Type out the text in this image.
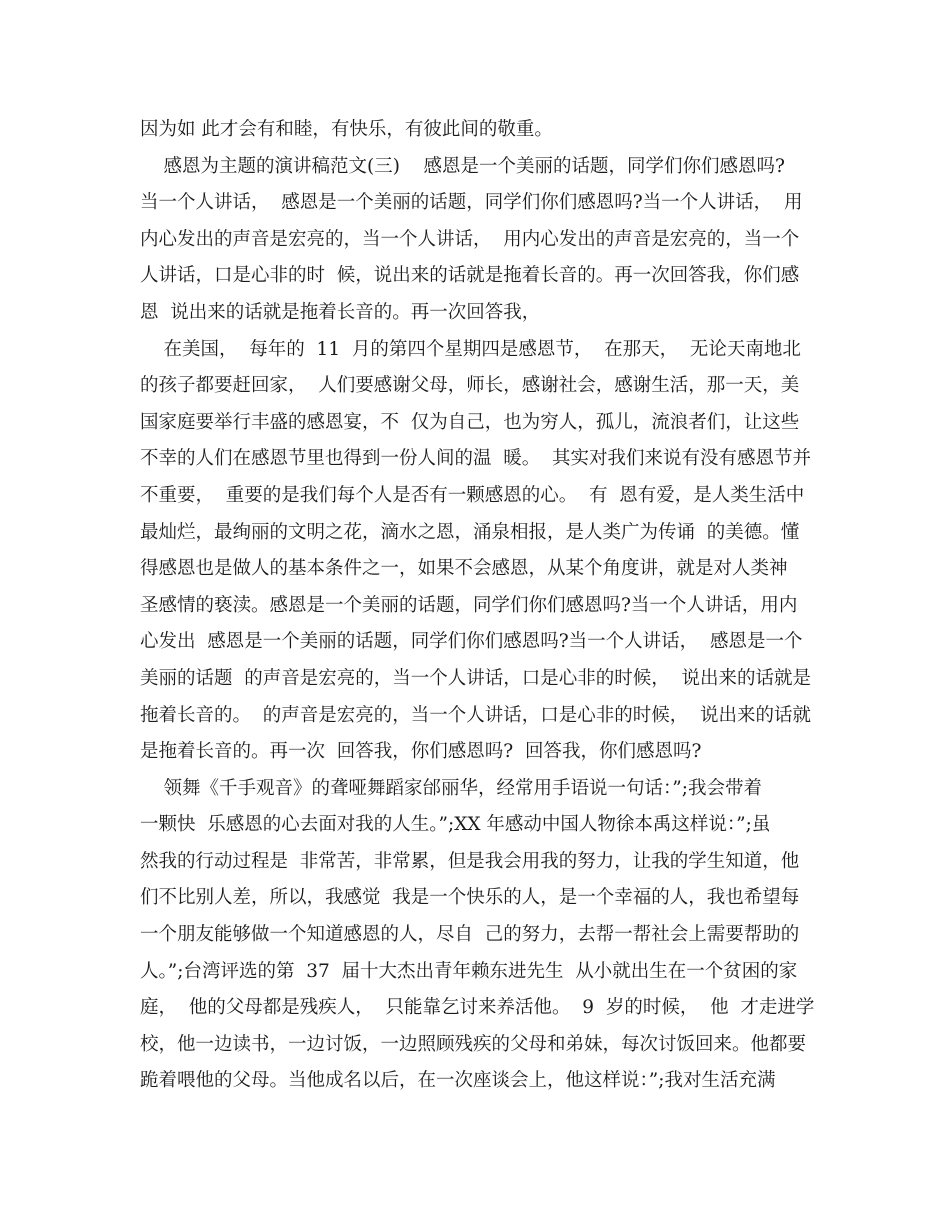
因为如 此才会有和睦，有快乐，有彼此间的敬重。
感恩为主题的演讲稿范文(三)    感恩是一个美丽的话题，同学们你们感恩吗?
当一个人讲话，  感恩是一个美丽的话题，同学们你们感恩吗?当一个人讲话，  用
内心发出的声音是宏亮的，当一个人讲话，  用内心发出的声音是宏亮的，当一个
人讲话，口是心非的时  候，说出来的话就是拖着长音的。再一次回答我，你们感
恩  说出来的话就是拖着长音的。再一次回答我，
在美国，  每年的  11  月的第四个星期四是感恩节，  在那天，  无论天南地北
的孩子都要赶回家，  人们要感谢父母，师长，感谢社会，感谢生活，那一天，美
国家庭要举行丰盛的感恩宴，不  仅为自己，也为穷人，孤儿，流浪者们，让这些
不幸的人们在感恩节里也得到一份人间的温  暖。  其实对我们来说有没有感恩节并
不重要，  重要的是我们每个人是否有一颗感恩的心。  有  恩有爱，是人类生活中
最灿烂，最绚丽的文明之花，滴水之恩，涌泉相报，是人类广为传诵  的美德。懂
得感恩也是做人的基本条件之一，如果不会感恩，从某个角度讲，就是对人类神
圣感情的亵渎。感恩是一个美丽的话题，同学们你们感恩吗?当一个人讲话，用内
心发出  感恩是一个美丽的话题，同学们你们感恩吗?当一个人讲话，  感恩是一个
美丽的话题  的声音是宏亮的，当一个人讲话，口是心非的时候，  说出来的话就是
拖着长音的。  的声音是宏亮的，当一个人讲话，口是心非的时候，  说出来的话就
是拖着长音的。再一次  回答我，你们感恩吗?  回答我，你们感恩吗?
领舞《千手观音》的聋哑舞蹈家邰丽华，经常用手语说一句话：”;我会带着
一颗快  乐感恩的心去面对我的人生。”;XX 年感动中国人物徐本禹这样说：”;虽
然我的行动过程是  非常苦，非常累，但是我会用我的努力，让我的学生知道，他
们不比别人差，所以，我感觉  我是一个快乐的人，是一个幸福的人，我也希望每
一个朋友能够做一个知道感恩的人，尽自  己的努力，去帮一帮社会上需要帮助的
人。”;台湾评选的第  37  届十大杰出青年赖东进先生  从小就出生在一个贫困的家
庭，  他的父母都是残疾人，  只能靠乞讨来养活他。  9  岁的时候，  他  才走进学
校，他一边读书，一边讨饭，一边照顾残疾的父母和弟妹，每次讨饭回来。他都要
跪着喂他的父母。当他成名以后，在一次座谈会上，他这样说：”;我对生活充满
